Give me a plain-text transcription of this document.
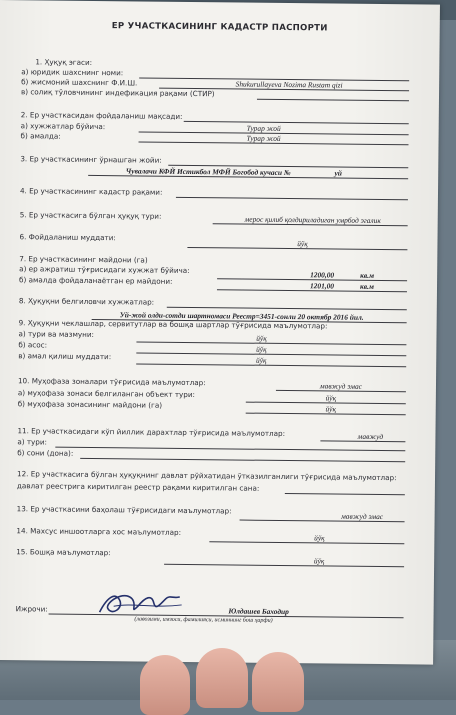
ЕР УЧАСТКАСИНИНГ КАДАСТР ПАСПОРТИ
1. Ҳуқуқ эгаси:
а) юридик шахснинг номи:
б) жисмоний шахснинг Ф.И.Ш.	Shukurullayeva Nozima Rustam qizi
в) солиқ тўловчининг индефикация рақами (СТИР)
2. Ер участкасидан фойдаланиш мақсади:
а) хужжатлар бўйича:	Турар жой
б) амалда:	Турар жой
3. Ер участкасининг ўрнашган жойи:
Чувалачи КФЙ Истикбол МФЙ Богобод кучаси №	уй
4. Ер участкасининг кадастр рақами:
5. Ер участкасига бўлган ҳуқуқ тури:	мерос қилиб қолдириладиган умрбод эгалик
6. Фойдаланиш муддати:
йўқ
7. Ер участкасининг майдони (га)
а) ер ажратиш тўғрисидаги хужжат бўйича:	1200,00	кв.м
б) амалда фойдаланаётган ер майдони:
1201,00	кв.м
8. Ҳуқуқни белгиловчи хужжатлар:
Уй-жой олди-сотди шартномаси Реестр=3451-сонли 20 октябр 2016 йил.
9. Ҳуқуқни чеклашлар, сервитутлар ва бошқа шартлар тўғрисида маълумотлар:
а) тури ва мазмуни:	йўқ
б) асос:	йўқ
в) амал қилиш муддати:	йўқ
10. Муҳофаза зоналари тўғрисида маълумотлар:	мавжуд эмас
а) муҳофаза зонаси белгиланган объект тури:	йўқ
б) муҳофаза зонасининг майдони (га)	йўқ
11. Ер участкасидаги кўп йиллик дарахтлар тўғрисида маълумотлар:	мавжуд
а) тури:
б) сони (дона):
12. Ер участкасига бўлган ҳуқуқнинг давлат рўйхатидан ўтказилганлиги тўғрисида маълумотлар:
давлат реестрига киритилган реестр рақами киритилган сана:
13. Ер участкасини баҳолаш тўғрисидаги маълумотлар:
мавжуд эмас
14. Махсус иншоотларга хос маълумотлар:
йўқ
15. Бошқа маълумотлар:
йўқ
Ижрочи:	Юлдашев Баходир
(лавозими, имзоси, фамилияси, исминнинг бош ҳарфи)
